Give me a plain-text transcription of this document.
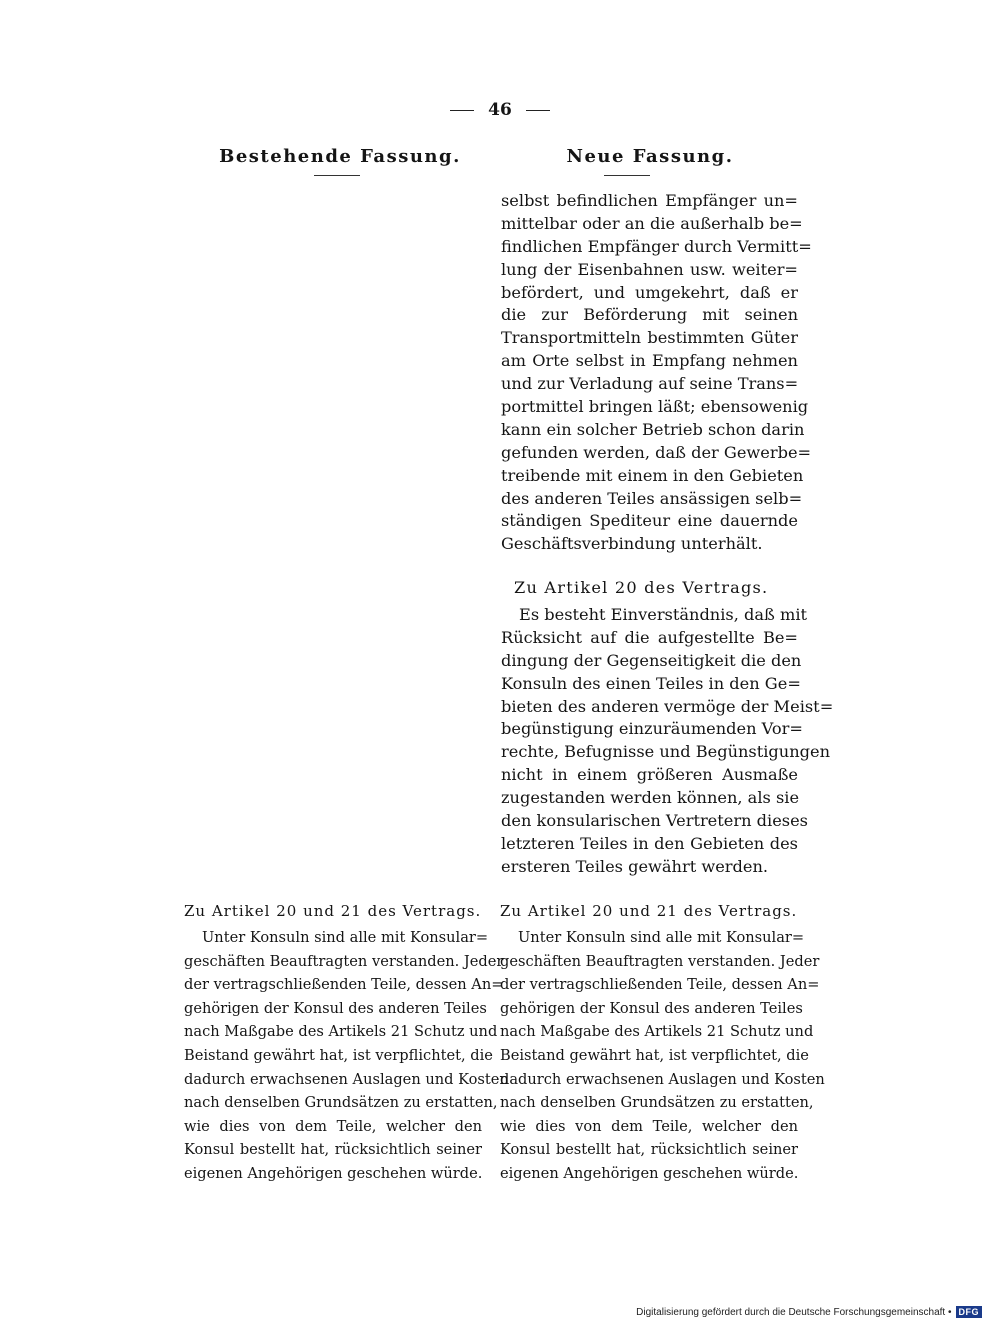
46
Bestehende Fassung.	Neue Fassung.
selbst befindlichen Empfänger un=
mittelbar oder an die außerhalb be=
findlichen Empfänger durch Vermitt=
lung der Eisenbahnen usw. weiter=
befördert, und umgekehrt, daß er
die zur Beförderung mit seinen
Transportmitteln bestimmten Güter
am Orte selbst in Empfang nehmen
und zur Verladung auf seine Trans=
portmittel bringen läßt; ebensowenig
kann ein solcher Betrieb schon darin
gefunden werden, daß der Gewerbe=
treibende mit einem in den Gebieten
des anderen Teiles ansässigen selb=
ständigen Spediteur eine dauernde
Geschäftsverbindung unterhält.
Zu Artikel 20 des Vertrags.
Es besteht Einverständnis, daß mit
Rücksicht auf die aufgestellte Be=
dingung der Gegenseitigkeit die den
Konsuln des einen Teiles in den Ge=
bieten des anderen vermöge der Meist=
begünstigung einzuräumenden Vor=
rechte, Befugnisse und Begünstigungen
nicht in einem größeren Ausmaße
zugestanden werden können, als sie
den konsularischen Vertretern dieses
letzteren Teiles in den Gebieten des
ersteren Teiles gewährt werden.
Zu Artikel 20 und 21 des Vertrags.
Unter Konsuln sind alle mit Konsular=
geschäften Beauftragten verstanden. Jeder
der vertragschließenden Teile, dessen An=
gehörigen der Konsul des anderen Teiles
nach Maßgabe des Artikels 21 Schutz und
Beistand gewährt hat, ist verpflichtet, die
dadurch erwachsenen Auslagen und Kosten
nach denselben Grundsätzen zu erstatten,
wie dies von dem Teile, welcher den
Konsul bestellt hat, rücksichtlich seiner
eigenen Angehörigen geschehen würde.
Zu Artikel 20 und 21 des Vertrags.
Unter Konsuln sind alle mit Konsular=
geschäften Beauftragten verstanden. Jeder
der vertragschließenden Teile, dessen An=
gehörigen der Konsul des anderen Teiles
nach Maßgabe des Artikels 21 Schutz und
Beistand gewährt hat, ist verpflichtet, die
dadurch erwachsenen Auslagen und Kosten
nach denselben Grundsätzen zu erstatten,
wie dies von dem Teile, welcher den
Konsul bestellt hat, rücksichtlich seiner
eigenen Angehörigen geschehen würde.
Digitalisierung gefördert durch die Deutsche Forschungsgemeinschaft • DFG
